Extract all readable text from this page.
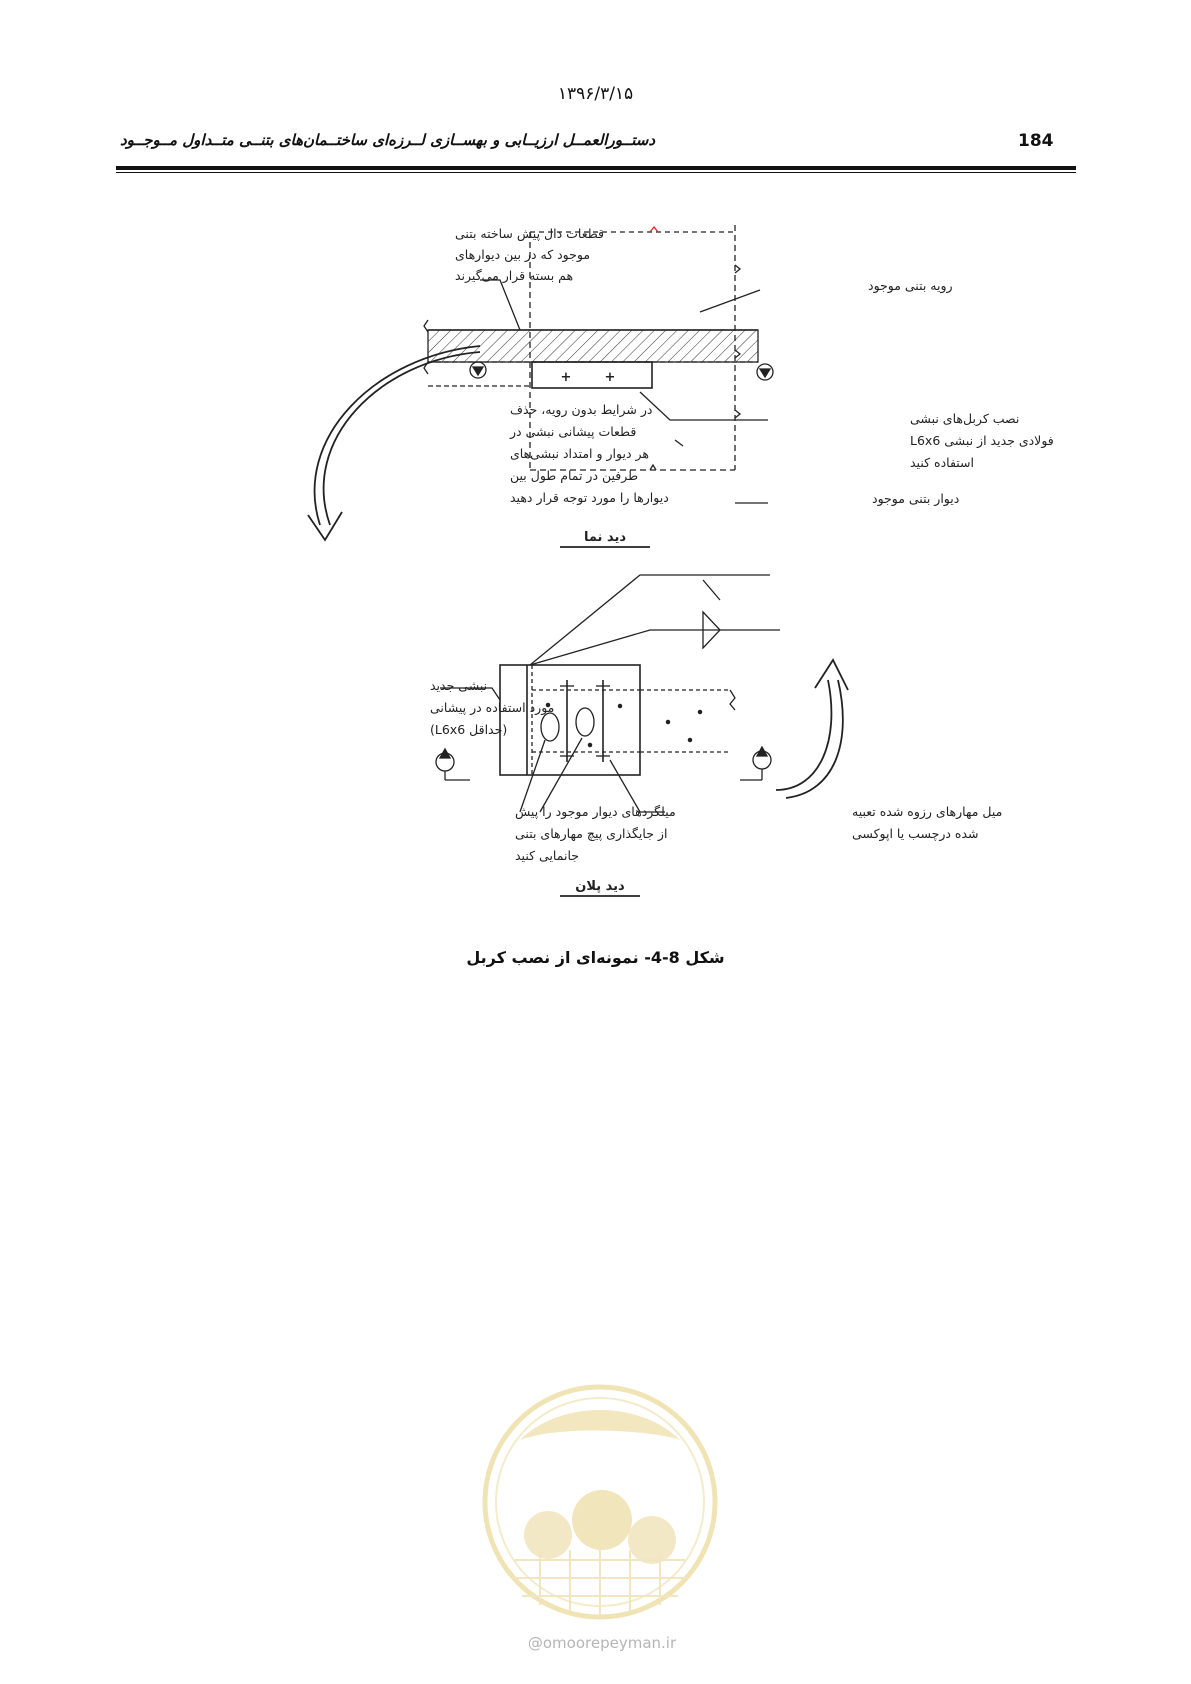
۱۳۹۶/۳/۱۵
184
دستــورالعمــل ارزیــابی و بهســازی لــرزه‌ای ساختــمان‌های بتنــی متــداول مــوجــود
+	+
قطعات دال پیش ساخته بتنی
موجود که در بین دیوارهای
هم بسته قرار می‌گیرند
رویه بتنی موجود
نصب کربل‌های نبشی
فولادی جدید از نبشی L6x6
استفاده کنید
دیوار بتنی موجود
در شرایط بدون رویه، حذف
قطعات پیشانی نبشی در
هر دیوار و امتداد نبشی‌های
طرفین در تمام طول بین
دیوارها را مورد توجه قرار دهید
دید نما
نبشی جدید
مورد استفاده در پیشانی
(حداقل L6x6)
میلگردهای دیوار موجود را پیش
از جایگذاری پیچ مهارهای بتنی
جانمایی کنید
میل مهارهای رزوه شده تعبیه
شده درچسب یا اپوکسی
دید پلان
@omoorepeyman.ir
شکل 8-4- نمونه‌ای از نصب کربل
